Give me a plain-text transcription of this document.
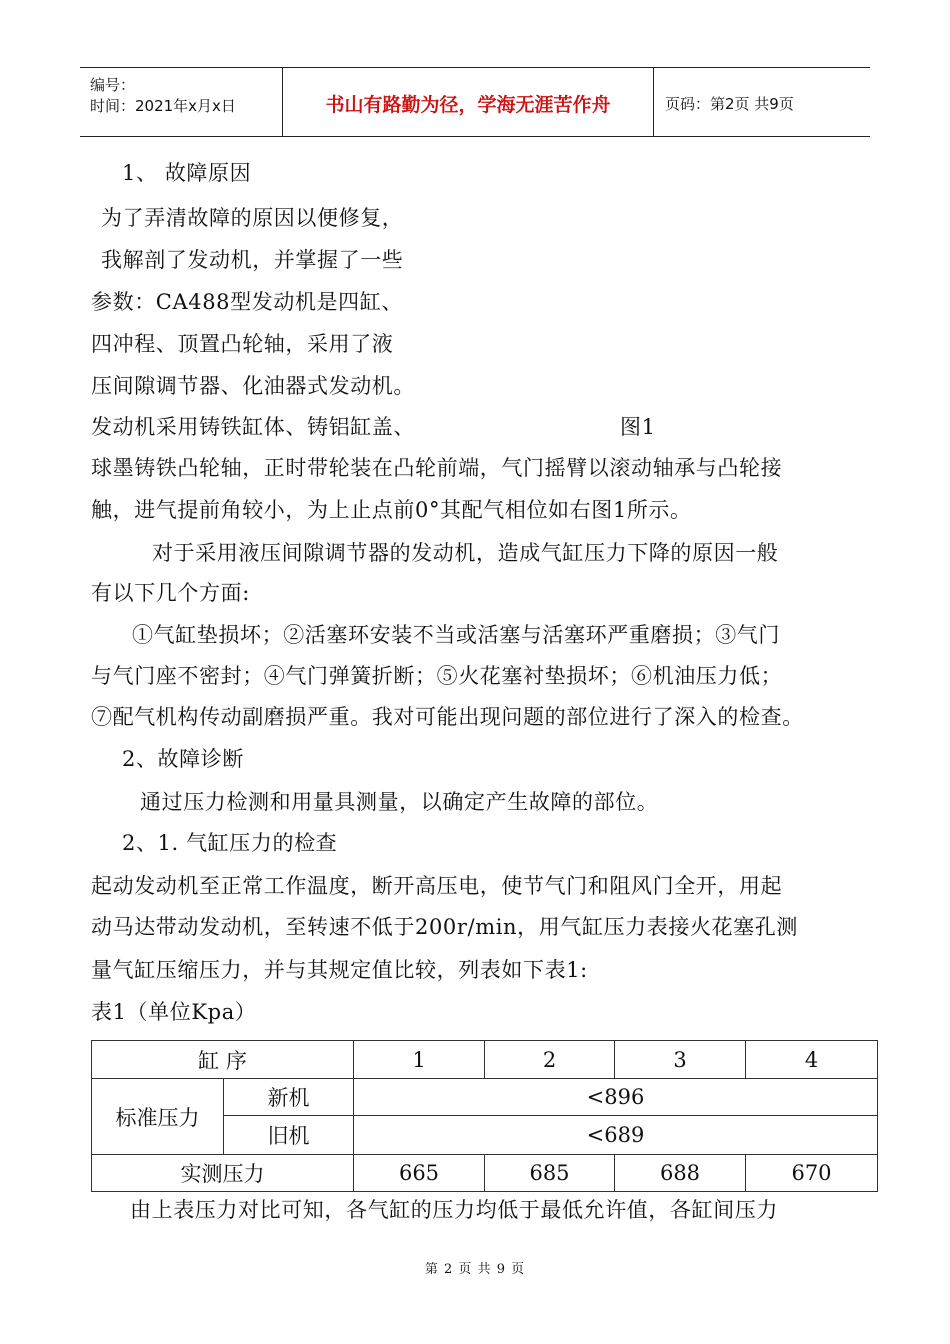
编号：
时间：2021年x月x日	书山有路勤为径，学海无涯苦作舟	页码：第2页 共9页
1、 故障原因
为了弄清故障的原因以便修复，
我解剖了发动机，并掌握了一些
参数：CA488型发动机是四缸、
四冲程、顶置凸轮轴，采用了液
压间隙调节器、化油器式发动机。
发动机采用铸铁缸体、铸铝缸盖、	图1
球墨铸铁凸轮轴，正时带轮装在凸轮前端，气门摇臂以滚动轴承与凸轮接
触，进气提前角较小，为上止点前0°其配气相位如右图1所示。
对于采用液压间隙调节器的发动机，造成气缸压力下降的原因一般
有以下几个方面:
①气缸垫损坏；②活塞环安装不当或活塞与活塞环严重磨损；③气门
与气门座不密封；④气门弹簧折断；⑤火花塞衬垫损坏；⑥机油压力低；
⑦配气机构传动副磨损严重。我对可能出现问题的部位进行了深入的检查。
2、故障诊断
通过压力检测和用量具测量，以确定产生故障的部位。
2、1. 气缸压力的检查
起动发动机至正常工作温度，断开高压电，使节气门和阻风门全开，用起
动马达带动发动机，至转速不低于200r/min，用气缸压力表接火花塞孔测
量气缸压缩压力，并与其规定值比较，列表如下表1:
表1（单位Kpa）
缸 序	1	2	3	4
标准压力
新机	<896
旧机	<689
实测压力	665	685	688	670
由上表压力对比可知，各气缸的压力均低于最低允许值，各缸间压力
第 2 页 共 9 页
